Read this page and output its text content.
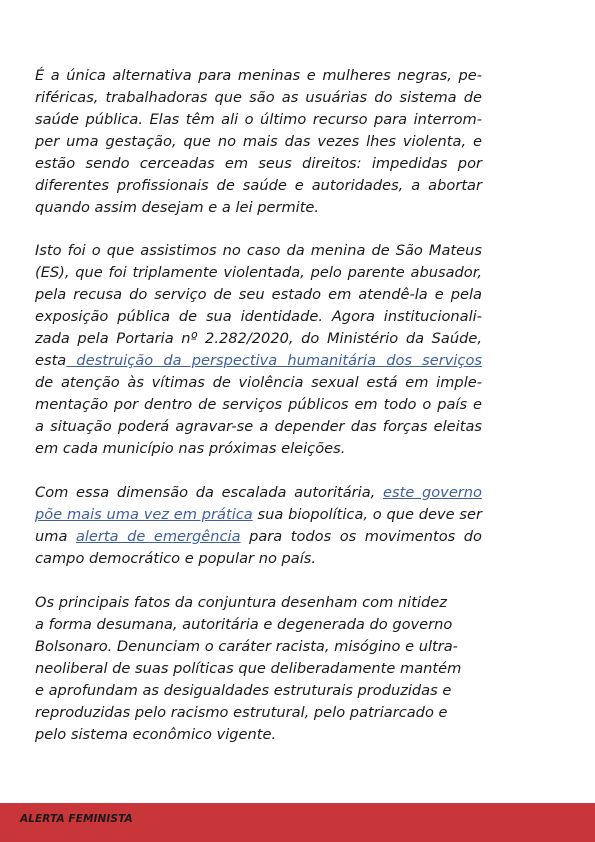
É a única alternativa para meninas e mulheres negras, pe-
riféricas, trabalhadoras que são as usuárias do sistema de
saúde pública. Elas têm ali o último recurso para interrom-
per uma gestação, que no mais das vezes lhes violenta, e
estão sendo cerceadas em seus direitos: impedidas por
diferentes profissionais de saúde e autoridades, a abortar
quando assim desejam e a lei permite.

Isto foi o que assistimos no caso da menina de São Mateus
(ES), que foi triplamente violentada, pelo parente abusador,
pela recusa do serviço de seu estado em atendê-la e pela
exposição pública de sua identidade. Agora institucionali-
zada pela Portaria nº 2.282/2020, do Ministério da Saúde,
esta destruição da perspectiva humanitária dos serviços
de atenção às vítimas de violência sexual está em imple-
mentação por dentro de serviços públicos em todo o país e
a situação poderá agravar-se a depender das forças eleitas
em cada município nas próximas eleições.

Com essa dimensão da escalada autoritária, este governo
põe mais uma vez em prática sua biopolítica, o que deve ser
uma alerta de emergência para todos os movimentos do
campo democrático e popular no país.

Os principais fatos da conjuntura desenham com nitidez
a forma desumana, autoritária e degenerada do governo
Bolsonaro. Denunciam o caráter racista, misógino e ultra-
neoliberal de suas políticas que deliberadamente mantém
e aprofundam as desigualdades estruturais produzidas e
reproduzidas pelo racismo estrutural, pelo patriarcado e
pelo sistema econômico vigente.

ALERTA FEMINISTA
